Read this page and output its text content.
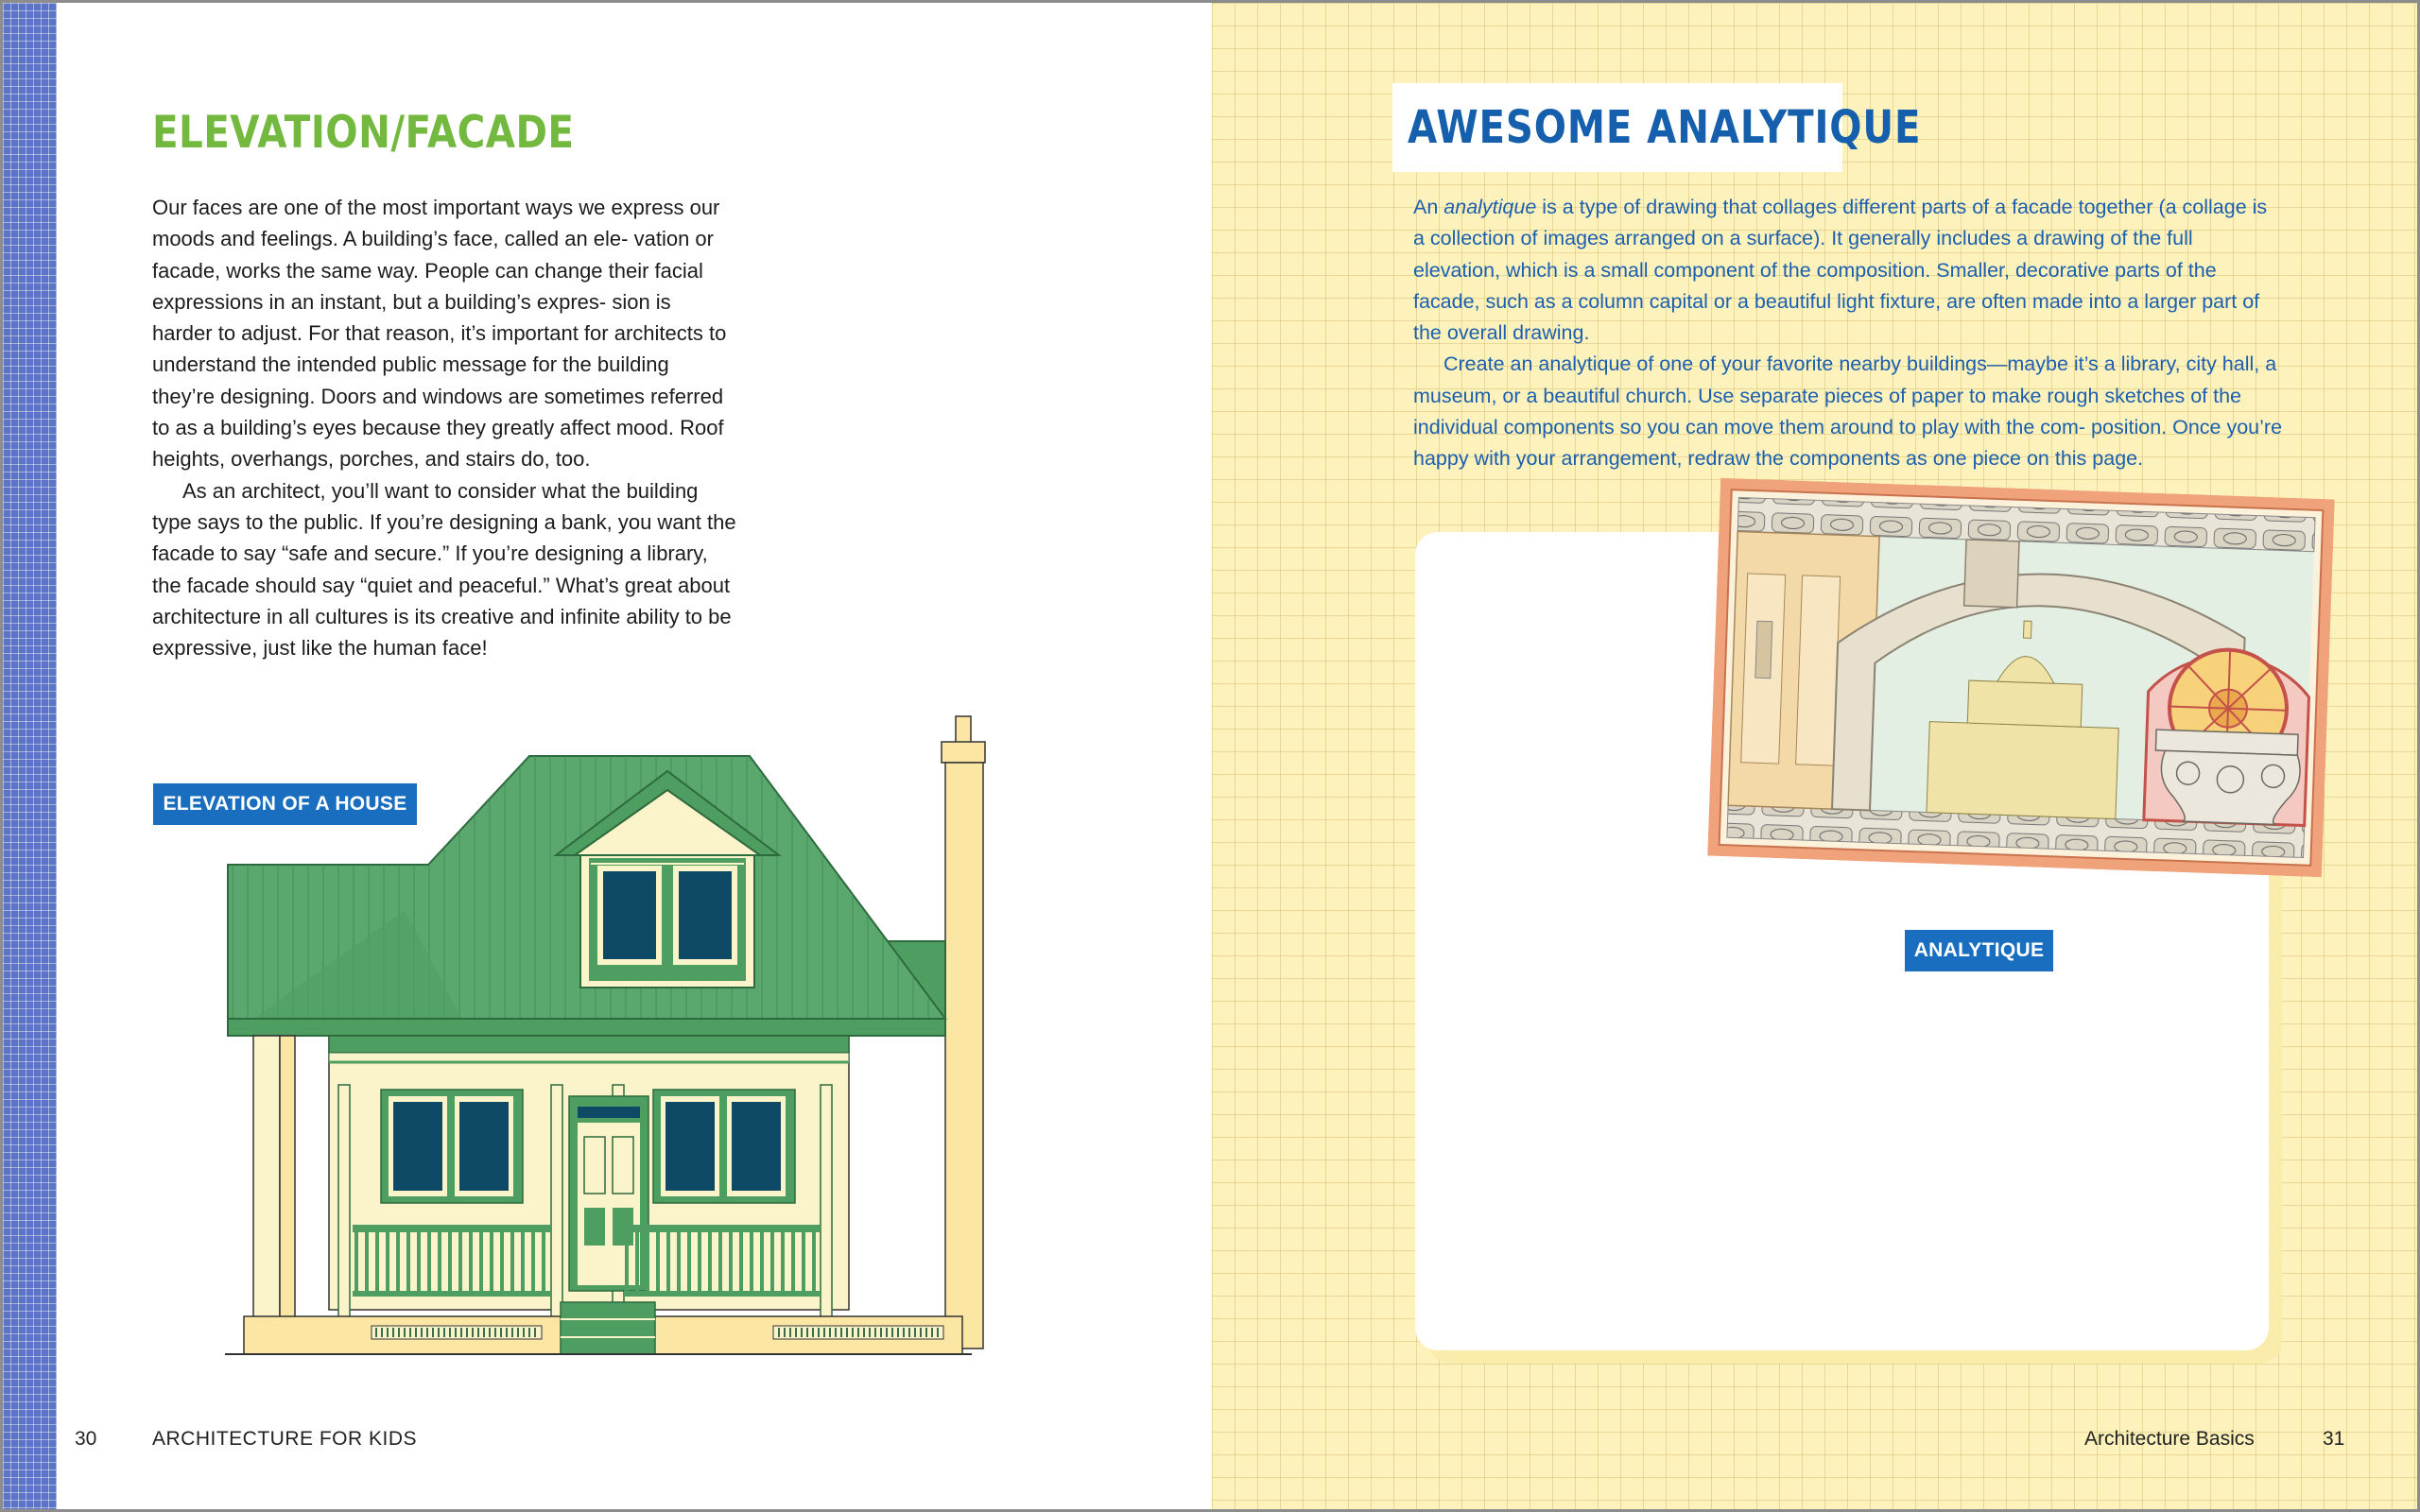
ELEVATION/FACADE

Our faces are one of the most important ways we express our moods and feelings. A building’s face, called an ele- vation or facade, works the same way. People can change their facial expressions in an instant, but a building’s expres- sion is harder to adjust. For that reason, it’s important for architects to understand the intended public message for the building they’re designing. Doors and windows are sometimes referred to as a building’s eyes because they greatly affect mood. Roof heights, overhangs, porches, and stairs do, too.

As an architect, you’ll want to consider what the building type says to the public. If you’re designing a bank, you want the facade to say “safe and secure.” If you’re designing a library, the facade should say “quiet and peaceful.” What’s great about architecture in all cultures is its creative and infinite ability to be expressive, just like the human face!

ELEVATION OF A HOUSE
30	ARCHITECTURE FOR KIDS
AWESOME ANALYTIQUE

An analytique is a type of drawing that collages different parts of a facade together (a collage is a collection of images arranged on a surface). It generally includes a drawing of the full elevation, which is a small component of the composition. Smaller, decorative parts of the facade, such as a column capital or a beautiful light fixture, are often made into a larger part of the overall drawing.

Create an analytique of one of your favorite nearby buildings—maybe it’s a library, city hall, a museum, or a beautiful church. Use separate pieces of paper to make rough sketches of the individual components so you can move them around to play with the com- position. Once you’re happy with your arrangement, redraw the components as one piece on this page.

Architecture Basics	31
ANALYTIQUE
